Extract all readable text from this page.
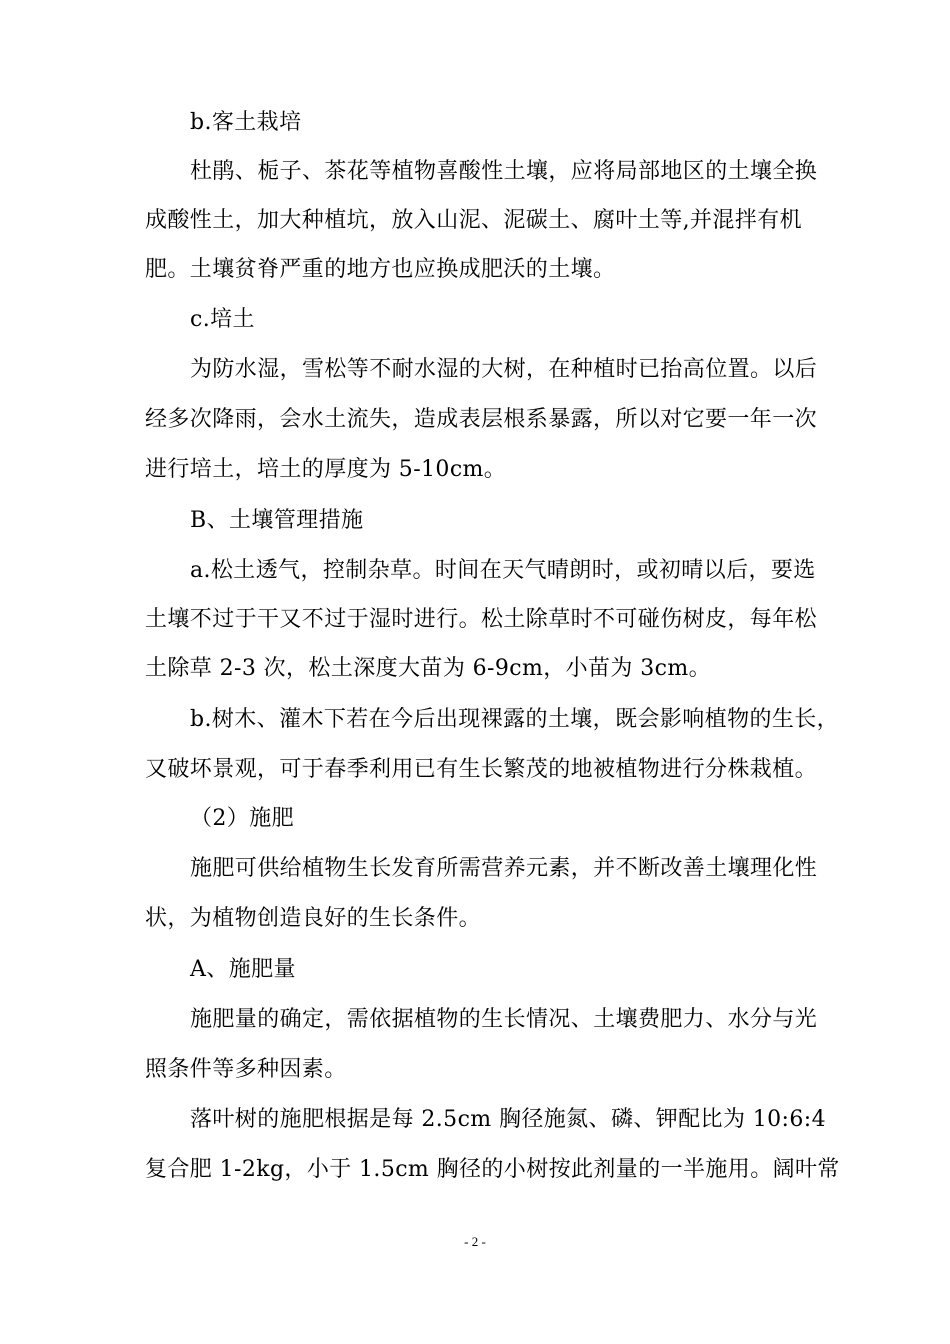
b.客土栽培
杜鹃、栀子、茶花等植物喜酸性土壤，应将局部地区的土壤全换
成酸性土，加大种植坑，放入山泥、泥碳土、腐叶土等,并混拌有机
肥。土壤贫脊严重的地方也应换成肥沃的土壤。
c.培土
为防水湿，雪松等不耐水湿的大树，在种植时已抬高位置。以后
经多次降雨，会水土流失，造成表层根系暴露，所以对它要一年一次
进行培土，培土的厚度为 5-10cm。
B、土壤管理措施
a.松土透气，控制杂草。时间在天气晴朗时，或初晴以后，要选
土壤不过于干又不过于湿时进行。松土除草时不可碰伤树皮，每年松
土除草 2-3 次，松土深度大苗为 6-9cm，小苗为 3cm。
b.树木、灌木下若在今后出现裸露的土壤，既会影响植物的生长，
又破坏景观，可于春季利用已有生长繁茂的地被植物进行分株栽植。
（2）施肥
施肥可供给植物生长发育所需营养元素，并不断改善土壤理化性
状，为植物创造良好的生长条件。
A、施肥量
施肥量的确定，需依据植物的生长情况、土壤费肥力、水分与光
照条件等多种因素。
落叶树的施肥根据是每 2.5cm 胸径施氮、磷、钾配比为 10:6:4
复合肥 1-2kg，小于 1.5cm 胸径的小树按此剂量的一半施用。阔叶常
- 2 -
